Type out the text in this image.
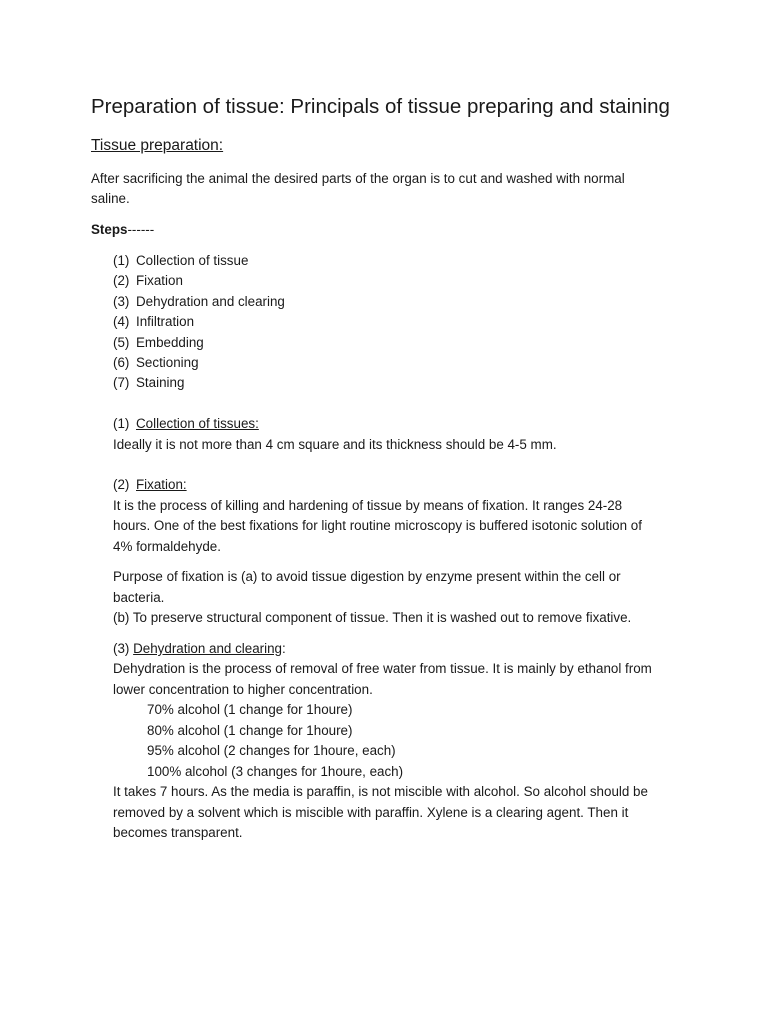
Preparation of tissue: Principals of tissue preparing and staining
Tissue preparation:
After sacrificing the animal the desired parts of the organ is to cut and washed with normal
saline.
Steps------
(1) Collection of tissue
(2) Fixation
(3) Dehydration and clearing
(4) Infiltration
(5) Embedding
(6) Sectioning
(7) Staining
(1) Collection of tissues:
Ideally it is not more than 4 cm square and its thickness should be 4-5 mm.
(2) Fixation:
It is the process of killing and hardening of tissue by means of fixation. It ranges 24-28
hours. One of the best fixations for light routine microscopy is buffered isotonic solution of
4% formaldehyde.
Purpose of fixation is (a) to avoid tissue digestion by enzyme present within the cell or
bacteria.
(b) To preserve structural component of tissue. Then it is washed out to remove fixative.
(3) Dehydration and clearing:
Dehydration is the process of removal of free water from tissue. It is mainly by ethanol from
lower concentration to higher concentration.
70% alcohol (1 change for 1houre)
80% alcohol (1 change for 1houre)
95% alcohol (2 changes for 1houre, each)
100% alcohol (3 changes for 1houre, each)
It takes 7 hours. As the media is paraffin, is not miscible with alcohol. So alcohol should be
removed by a solvent which is miscible with paraffin. Xylene is a clearing agent. Then it
becomes transparent.
